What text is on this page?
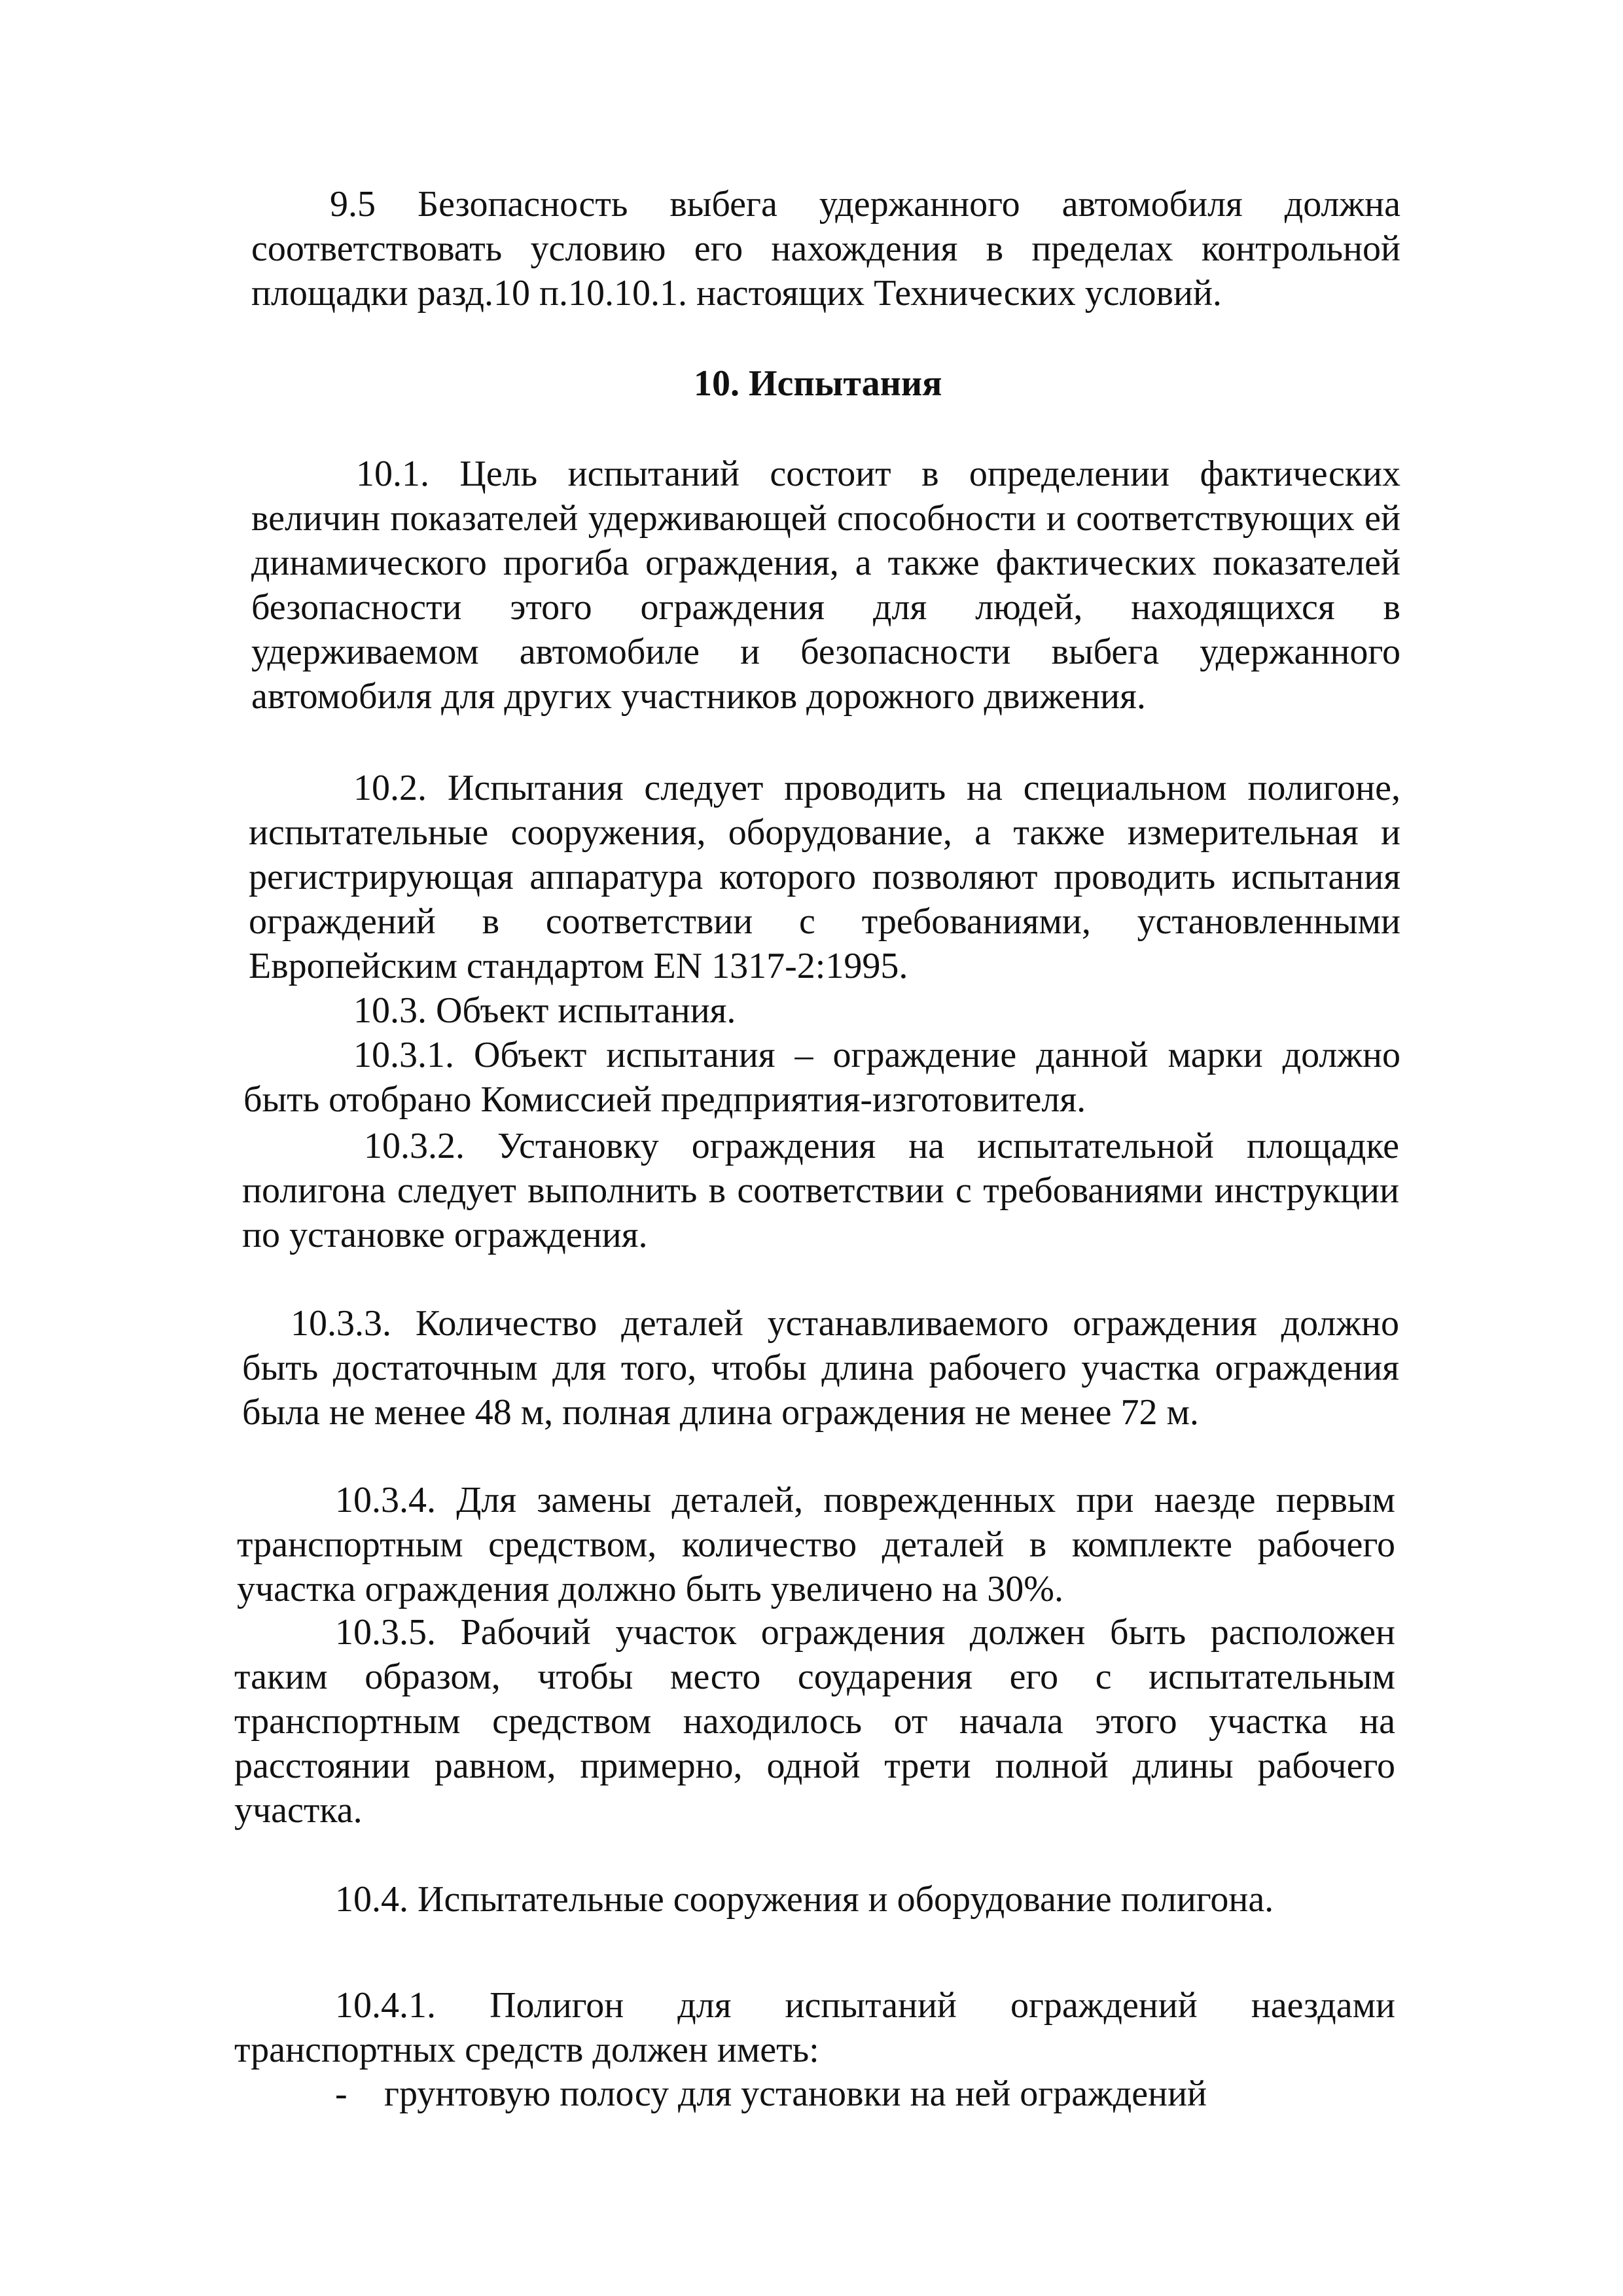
9.5 Безопасность выбега удержанного автомобиля должна соответствовать условию его нахождения в пределах контрольной площадки разд.10 п.10.10.1. настоящих Технических условий.

10. Испытания

10.1. Цель испытаний состоит в определении фактических величин показателей удерживающей способности и соответствующих ей динамического прогиба ограждения, а также фактических показателей безопасности этого ограждения для людей, находящихся в удерживаемом автомобиле и безопасности выбега удержанного автомобиля для других участников дорожного движения.

10.2. Испытания следует проводить на специальном полигоне, испытательные сооружения, оборудование, а также измерительная и регистрирующая аппаратура которого позволяют проводить испытания ограждений в соответствии с требованиями, установленными Европейским стандартом EN 1317-2:1995.

10.3. Объект испытания.

10.3.1. Объект испытания – ограждение данной марки должно быть отобрано Комиссией предприятия-изготовителя.

10.3.2. Установку ограждения на испытательной площадке полигона следует выполнить в соответствии с требованиями инструкции по установке ограждения.

10.3.3. Количество деталей устанавливаемого ограждения должно быть достаточным для того, чтобы длина рабочего участка ограждения была не менее 48 м, полная длина ограждения не менее 72 м.

10.3.4. Для замены деталей, поврежденных при наезде первым транспортным средством, количество деталей в комплекте рабочего участка ограждения должно быть увеличено на 30%.

10.3.5. Рабочий участок ограждения должен быть расположен таким образом, чтобы место соударения его с испытательным транспортным средством находилось от начала этого участка на расстоянии равном, примерно, одной трети полной длины рабочего участка.

10.4. Испытательные сооружения и оборудование полигона.

10.4.1. Полигон для испытаний ограждений наездами транспортных средств должен иметь:

- грунтовую полосу для установки на ней ограждений
